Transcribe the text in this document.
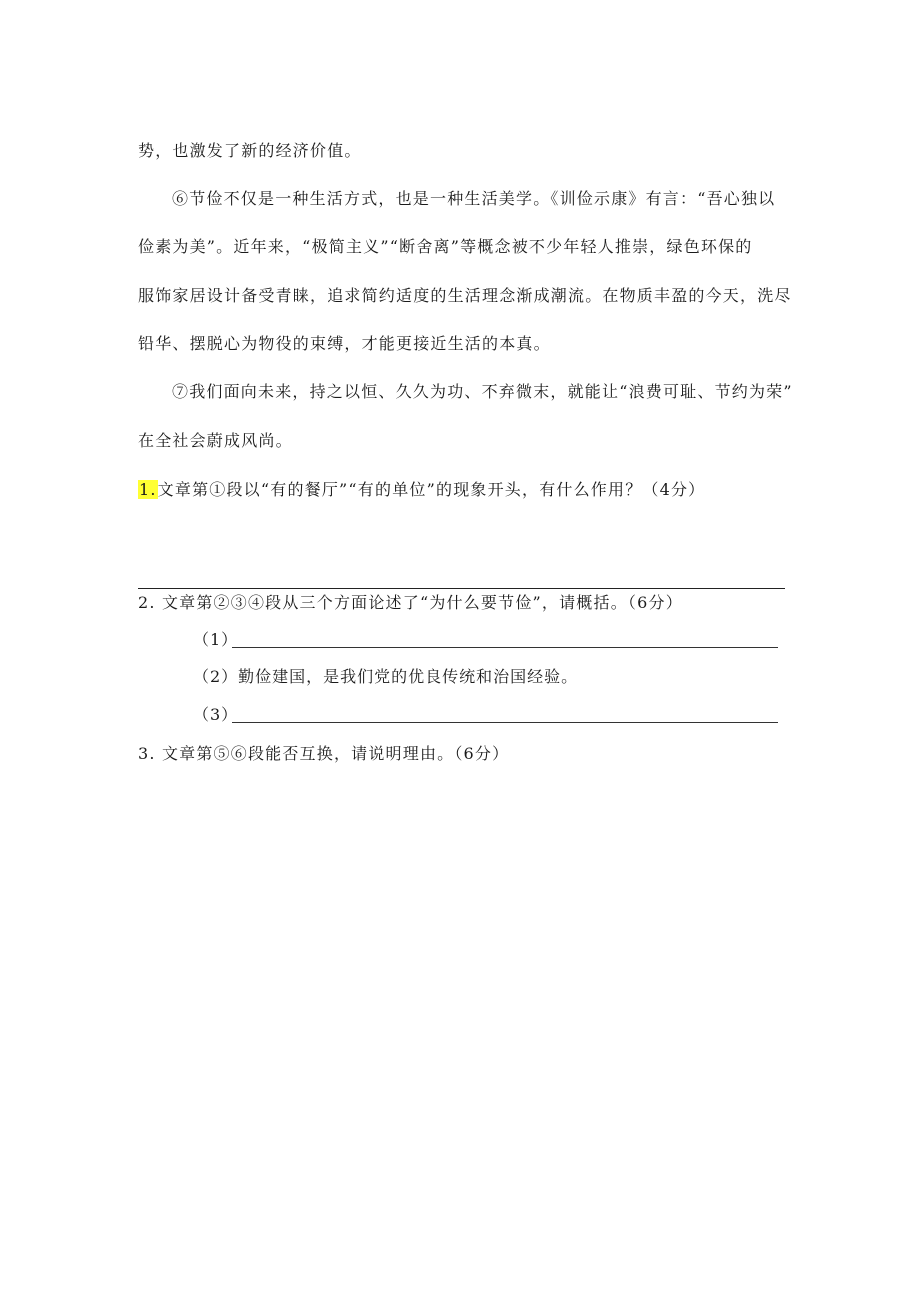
势，也激发了新的经济价值。
⑥节俭不仅是一种生活方式，也是一种生活美学。《训俭示康》有言：“吾心独以
俭素为美”。近年来，“极简主义”“断舍离”等概念被不少年轻人推崇，绿色环保的
服饰家居设计备受青睐，追求简约适度的生活理念渐成潮流。在物质丰盈的今天，洗尽
铅华、摆脱心为物役的束缚，才能更接近生活的本真。
⑦我们面向未来，持之以恒、久久为功、不弃微末，就能让“浪费可耻、节约为荣”
在全社会蔚成风尚。
1.文章第①段以“有的餐厅”“有的单位”的现象开头，有什么作用？（4分）
2. 文章第②③④段从三个方面论述了“为什么要节俭”，请概括。（6分）
（1）
（2）勤俭建国，是我们党的优良传统和治国经验。
（3）
3. 文章第⑤⑥段能否互换，请说明理由。（6分）
